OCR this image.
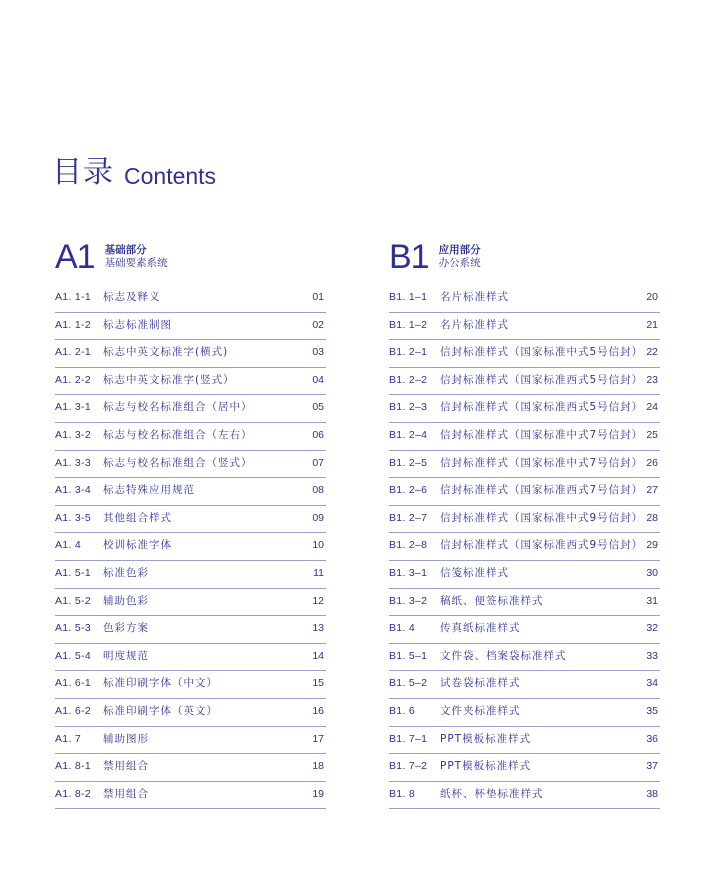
目录 Contents
A1 基础部分
基础要素系统
A1. 1-1 标志及释义	01
A1. 1-2 标志标准制图	02
A1. 2-1 标志中英文标准字(横式)	03
A1. 2-2 标志中英文标准字(竖式）	04
A1. 3-1 标志与校名标准组合（居中）	05
A1. 3-2 标志与校名标准组合（左右）	06
A1. 3-3 标志与校名标准组合（竖式）	07
A1. 3-4 标志特殊应用规范	08
A1. 3-5 其他组合样式	09
A1. 4 校训标准字体	10
A1. 5-1 标准色彩	11
A1. 5-2 辅助色彩	12
A1. 5-3 色彩方案	13
A1. 5-4 明度规范	14
A1. 6-1 标准印刷字体（中文）	15
A1. 6-2 标准印刷字体（英文）	16
A1. 7 辅助图形	17
A1. 8-1 禁用组合	18
A1. 8-2 禁用组合	19
B1 应用部分
办公系统
B1. 1–1 名片标准样式	20
B1. 1–2 名片标准样式	21
B1. 2–1 信封标准样式（国家标准中式5号信封） 22
B1. 2–2 信封标准样式（国家标准西式5号信封） 23
B1. 2–3 信封标准样式（国家标准西式5号信封） 24
B1. 2–4 信封标准样式（国家标准中式7号信封） 25
B1. 2–5 信封标准样式（国家标准中式7号信封） 26
B1. 2–6 信封标准样式（国家标准西式7号信封） 27
B1. 2–7 信封标准样式（国家标准中式9号信封） 28
B1. 2–8 信封标准样式（国家标准西式9号信封） 29
B1. 3–1 信笺标准样式	30
B1. 3–2 稿纸、便签标准样式	31
B1. 4 传真纸标准样式	32
B1. 5–1 文件袋、档案袋标准样式	33
B1. 5–2 试卷袋标准样式	34
B1. 6 文件夹标准样式	35
B1. 7–1 PPT模板标准样式	36
B1. 7–2 PPT模板标准样式	37
B1. 8 纸杯、杯垫标准样式	38
